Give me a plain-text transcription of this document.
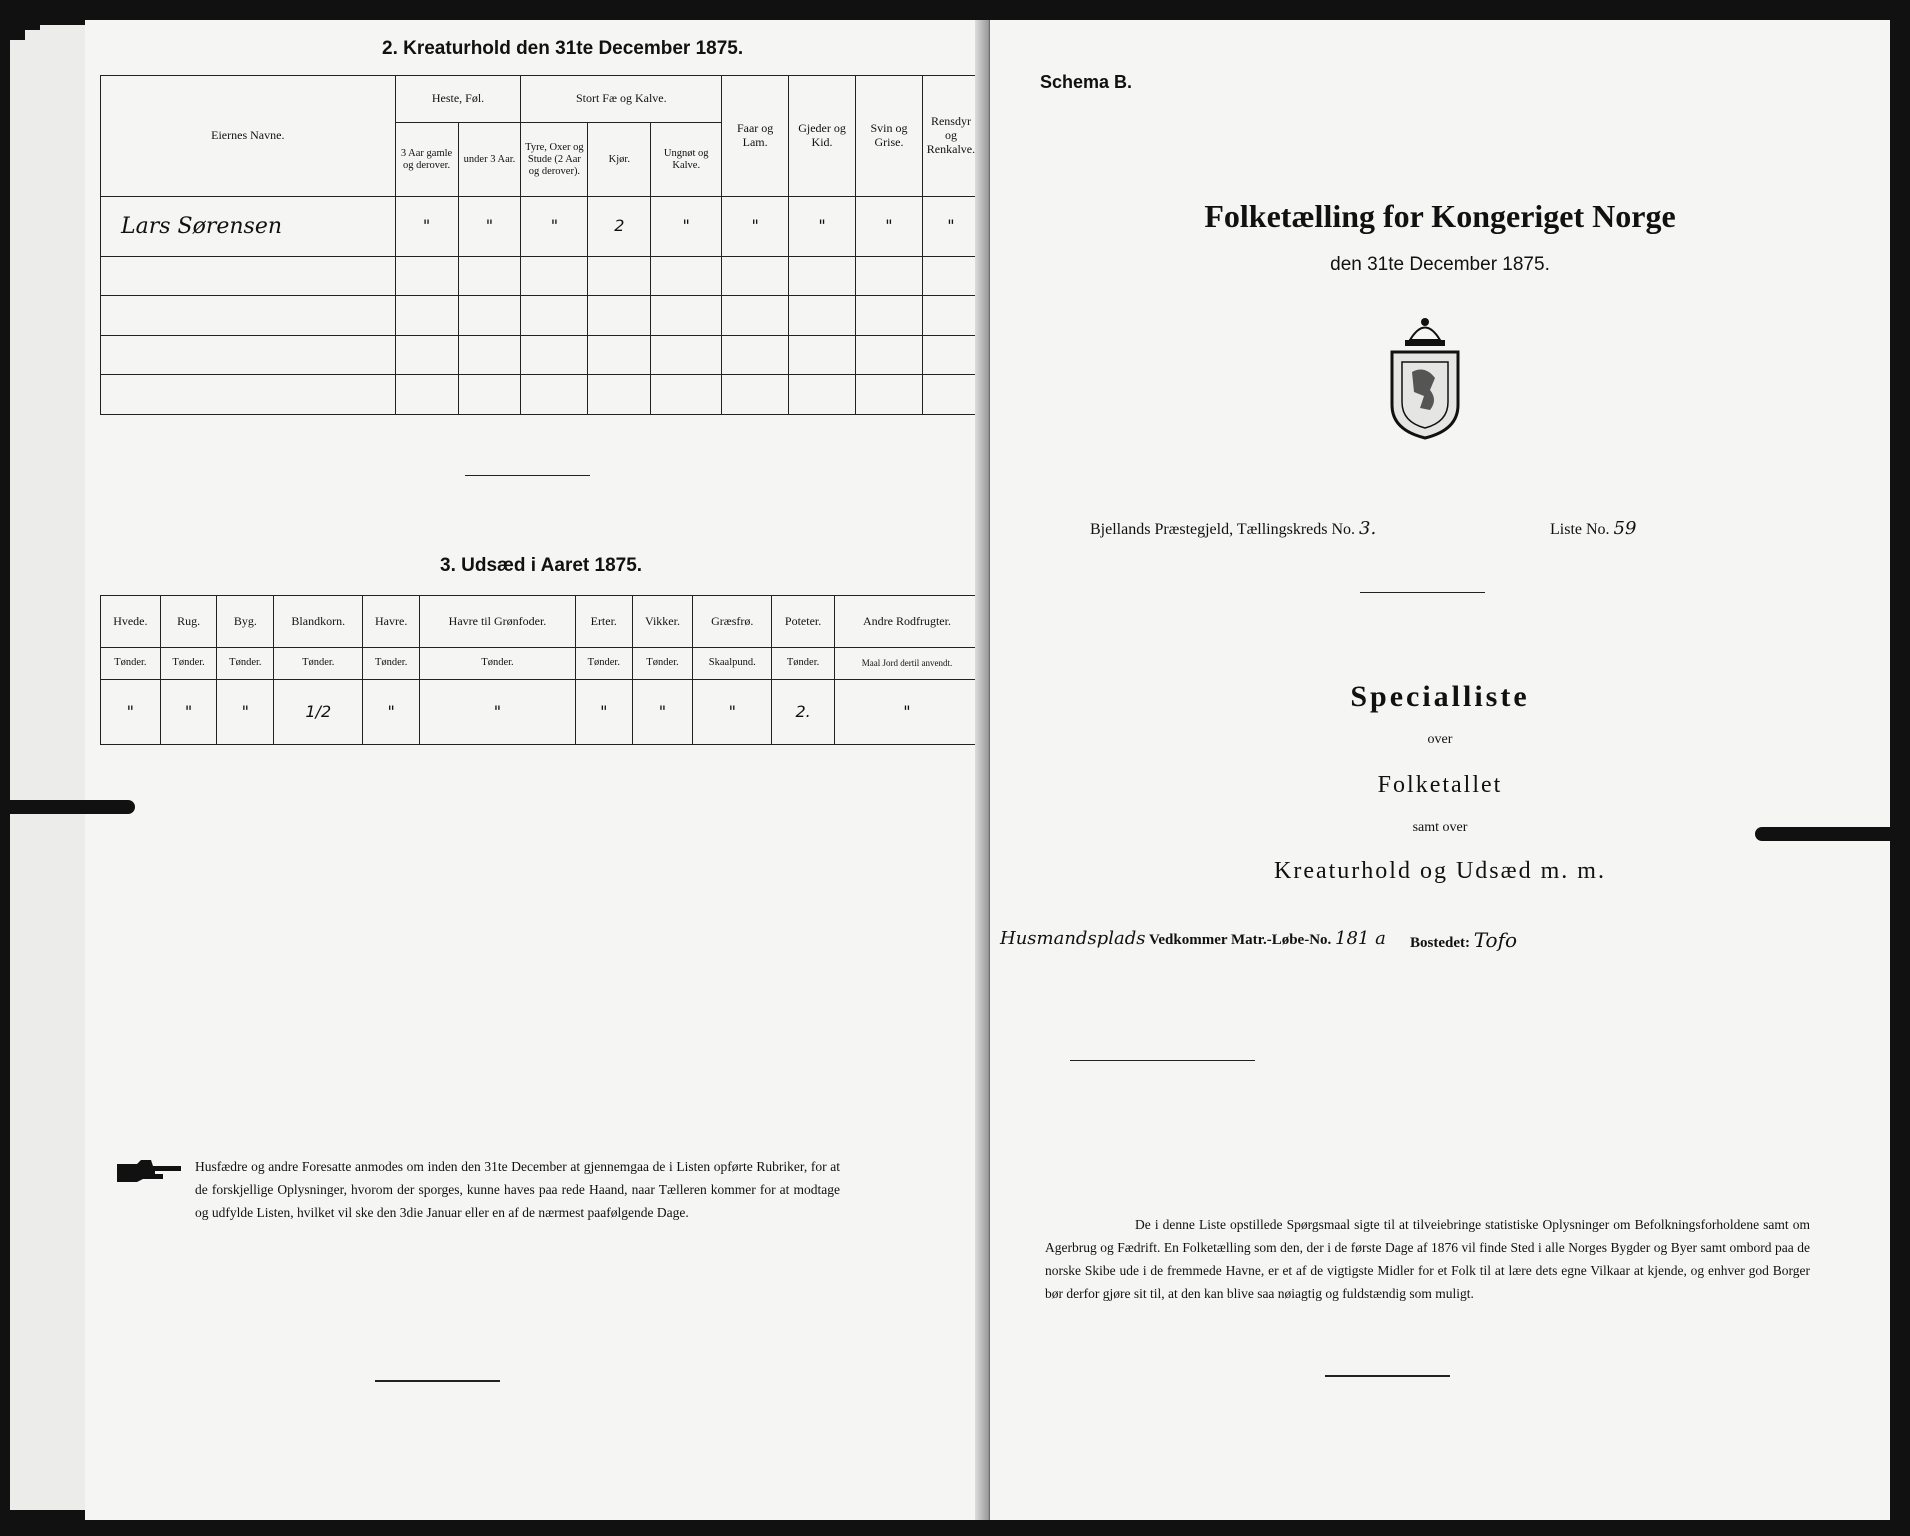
2. Kreaturhold den 31te December 1875.
Eiernes Navne.	Heste, Føl.		Stort Fæ og Kalve.			Faar og Lam.	Gjeder og Kid.	Svin og Grise.	Rensdyr og Renkalve.
	3 Aar gamle og derover.	under 3 Aar.	Tyre, Oxer og Stude (2 Aar og derover).	Kjør.	Ungnøt og Kalve.				
Lars Sørensen	"	"	"	2	"	"	"	"	"

3. Udsæd i Aaret 1875.
Hvede.	Rug.	Byg.	Blandkorn.	Havre.	Havre til Grønfoder.	Erter.	Vikker.	Græsfrø.	Poteter.	Andre Rodfrugter.
Tønder.	Tønder.	Tønder.	Tønder.	Tønder.	Tønder.	Tønder.	Tønder.	Skaalpund.	Tønder.	Maal Jord dertil anvendt.
"	"	"	1/2	"	"	"	"	"	2.	"
Husfædre og andre Foresatte anmodes om inden den 31te December at gjennemgaa de i Listen opførte Rubriker, for at de forskjellige Oplysninger, hvorom der sporges, kunne haves paa rede Haand, naar Tælleren kommer for at modtage og udfylde Listen, hvilket vil ske den 3die Januar eller en af de nærmest paafølgende Dage.
Schema B.
Folketælling for Kongeriget Norge
den 31te December 1875.
Bjellands Præstegjeld, Tællingskreds No. 3.	Liste No. 59
Specialliste
over
Folketallet
samt over
Kreaturhold og Udsæd m. m.
Husmandsplads Vedkommer Matr.-Løbe-No. 181 a Bostedet: Tofo
De i denne Liste opstillede Spørgsmaal sigte til at tilveiebringe statistiske Oplysninger om Befolkningsforholdene samt om Agerbrug og Fædrift. En Folketælling som den, der i de første Dage af 1876 vil finde Sted i alle Norges Bygder og Byer samt ombord paa de norske Skibe ude i de fremmede Havne, er et af de vigtigste Midler for et Folk til at lære dets egne Vilkaar at kjende, og enhver god Borger bør derfor gjøre sit til, at den kan blive saa nøiagtig og fuldstændig som muligt.
